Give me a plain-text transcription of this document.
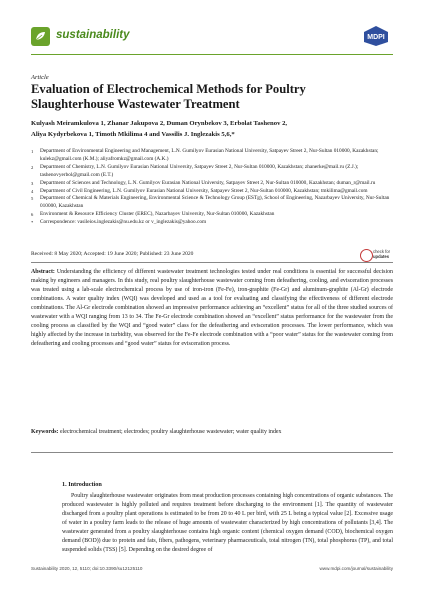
sustainability	MDPI
Article
Evaluation of Electrochemical Methods for Poultry Slaughterhouse Wastewater Treatment
Kulyash Meiramkulova 1, Zhanar Jakupova 2, Duman Orynbekov 3, Erbolat Tashenov 2,
Aliya Kydyrbekova 1, Timoth Mkilima 4 and Vassilis J. Inglezakis 5,6,*
1 Department of Environmental Engineering and Management, L.N. Gumilyov Eurasian National University, Satpayev Street 2, Nur-Sultan 010000, Kazakhstan; kulekz@gmail.com (K.M.); aliyafromkz@gmail.com (A.K.)
2 Department of Chemistry, L.N. Gumilyov Eurasian National University, Satpayev Street 2, Nur-Sultan 010000, Kazakhstan; zhanerke@mail.ru (Z.J.); tashenovyerbol@gmail.com (E.T.)
3 Department of Sciences and Technology, L.N. Gumilyov Eurasian National University, Satpayev Street 2, Nur-Sultan 010000, Kazakhstan; duman_r@mail.ru
4 Department of Civil Engineering, L.N. Gumilyov Eurasian National University, Satpayev Street 2, Nur-Sultan 010000, Kazakhstan; tmkilima@gmail.com
5 Department of Chemical & Materials Engineering, Environmental Science & Technology Group (ESTg), School of Engineering, Nazarbayev University, Nur-Sultan 010000, Kazakhstan
6 Environment & Resource Efficiency Cluster (EREC), Nazarbayev University, Nur-Sultan 010000, Kazakhstan
* Correspondence: vasileios.inglezakis@nu.edu.kz or v_inglezakis@yahoo.com
check for
updates
Received: 8 May 2020; Accepted: 19 June 2020; Published: 23 June 2020
Abstract: Understanding the efficiency of different wastewater treatment technologies tested under real conditions is essential for successful decision making by engineers and managers. In this study, real poultry slaughterhouse wastewater coming from defeathering, cooling, and evisceration processes was treated using a lab-scale electrochemical process by use of iron-iron (Fe-Fe), iron-graphite (Fe-Gr) and aluminum-graphite (Al-Gr) electrode combinations. A water quality index (WQI) was developed and used as a tool for evaluating and classifying the effectiveness of different electrode combinations. The Al-Gr electrode combination showed an impressive performance achieving an “excellent” status for all of the three studied sources of wastewater with a WQI ranging from 13 to 34. The Fe-Gr electrode combination showed an “excellent” status performance for the wastewater from the cooling process as classified by the WQI and “good water” class for the defeathering and evisceration processes. The lower performance, which was highly affected by the increase in turbidity, was observed for the Fe-Fe electrode combination with a “poor water” status for the wastewater coming from defeathering and cooling processes and “good water” status for evisceration process.
Keywords: electrochemical treatment; electrodes; poultry slaughterhouse wastewater; water quality index
1. Introduction
Poultry slaughterhouse wastewater originates from meat production processes containing high concentrations of organic substances. The produced wastewater is highly polluted and requires treatment before discharging to the environment [1]. The quantity of wastewater discharged from a poultry plant operations is estimated to be from 20 to 40 L per bird, with 25 L being a typical value [2]. Excessive usage of water in a poultry farm leads to the release of huge amounts of wastewater characterized by high concentrations of pollutants [3,4]. The wastewater generated from a poultry slaughterhouse contains high organic content (chemical oxygen demand (COD), biochemical oxygen demand (BOD)) due to protein and fats, fibers, pathogens, veterinary pharmaceuticals, total nitrogen (TN), total phosphorus (TP), and total suspended solids (TSS) [5]. Depending on the desired degree of
Sustainability 2020, 12, 5110; doi:10.3390/su12125110	www.mdpi.com/journal/sustainability
